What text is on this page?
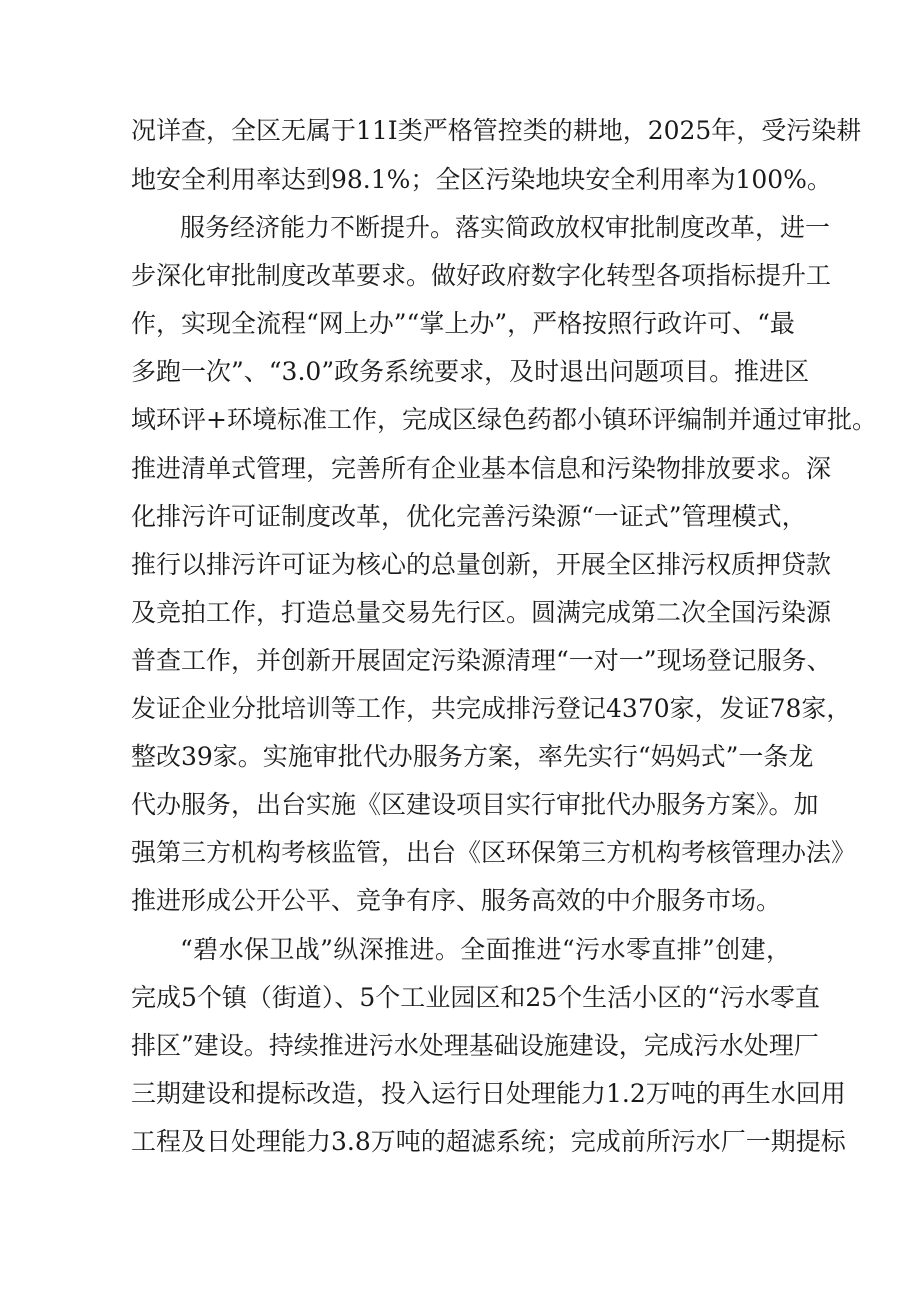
况详查，全区无属于11I类严格管控类的耕地，2025年，受污染耕
地安全利用率达到98.1%；全区污染地块安全利用率为100%。
服务经济能力不断提升。落实简政放权审批制度改革，进一
步深化审批制度改革要求。做好政府数字化转型各项指标提升工
作，实现全流程“网上办”“掌上办”，严格按照行政许可、“最
多跑一次”、“3.0”政务系统要求，及时退出问题项目。推进区
域环评+环境标准工作，完成区绿色药都小镇环评编制并通过审批。
推进清单式管理，完善所有企业基本信息和污染物排放要求。深
化排污许可证制度改革，优化完善污染源“一证式”管理模式，
推行以排污许可证为核心的总量创新，开展全区排污权质押贷款
及竞拍工作，打造总量交易先行区。圆满完成第二次全国污染源
普查工作，并创新开展固定污染源清理“一对一”现场登记服务、
发证企业分批培训等工作，共完成排污登记4370家，发证78家，
整改39家。实施审批代办服务方案，率先实行“妈妈式”一条龙
代办服务，出台实施《区建设项目实行审批代办服务方案》。加
强第三方机构考核监管，出台《区环保第三方机构考核管理办法》
推进形成公开公平、竞争有序、服务高效的中介服务市场。
“碧水保卫战”纵深推进。全面推进“污水零直排”创建，
完成5个镇（街道）、5个工业园区和25个生活小区的“污水零直
排区”建设。持续推进污水处理基础设施建设，完成污水处理厂
三期建设和提标改造，投入运行日处理能力1.2万吨的再生水回用
工程及日处理能力3.8万吨的超滤系统；完成前所污水厂一期提标
